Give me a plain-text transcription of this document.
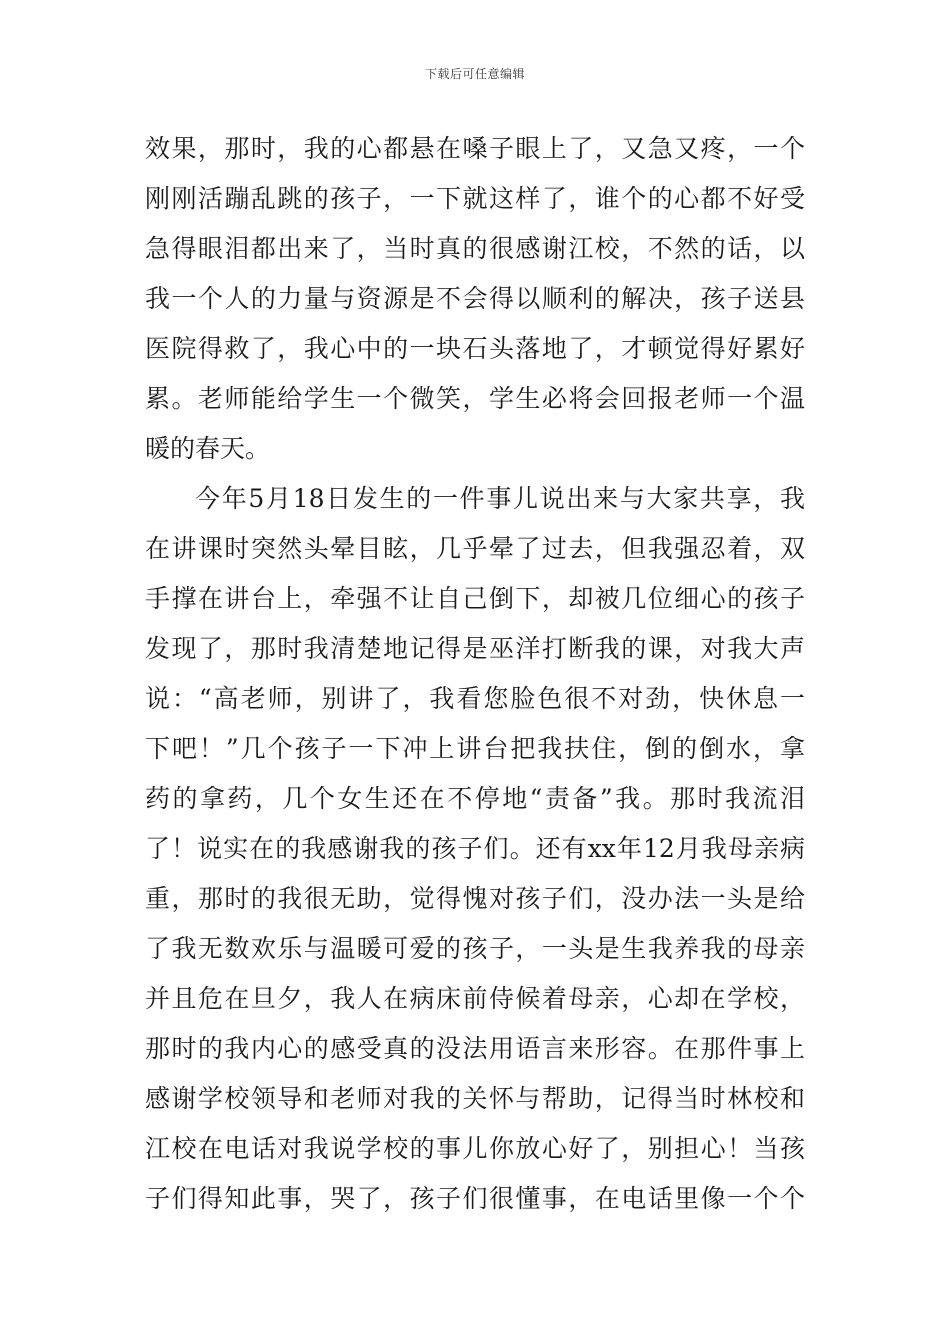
下载后可任意编辑
效果，那时，我的心都悬在嗓子眼上了，又急又疼，一个
刚刚活蹦乱跳的孩子，一下就这样了，谁个的心都不好受
急得眼泪都出来了，当时真的很感谢江校，不然的话，以
我一个人的力量与资源是不会得以顺利的解决，孩子送县
医院得救了，我心中的一块石头落地了，才顿觉得好累好
累。老师能给学生一个微笑，学生必将会回报老师一个温
暖的春天。
今年5月18日发生的一件事儿说出来与大家共享，我
在讲课时突然头晕目眩，几乎晕了过去，但我强忍着，双
手撑在讲台上，牵强不让自己倒下，却被几位细心的孩子
发现了，那时我清楚地记得是巫洋打断我的课，对我大声
说：“高老师，别讲了，我看您脸色很不对劲，快休息一
下吧！”几个孩子一下冲上讲台把我扶住，倒的倒水，拿
药的拿药，几个女生还在不停地“责备”我。那时我流泪
了！说实在的我感谢我的孩子们。还有xx年12月我母亲病
重，那时的我很无助，觉得愧对孩子们，没办法一头是给
了我无数欢乐与温暖可爱的孩子，一头是生我养我的母亲
并且危在旦夕，我人在病床前侍候着母亲，心却在学校，
那时的我内心的感受真的没法用语言来形容。在那件事上
感谢学校领导和老师对我的关怀与帮助，记得当时林校和
江校在电话对我说学校的事儿你放心好了，别担心！当孩
子们得知此事，哭了，孩子们很懂事，在电话里像一个个
